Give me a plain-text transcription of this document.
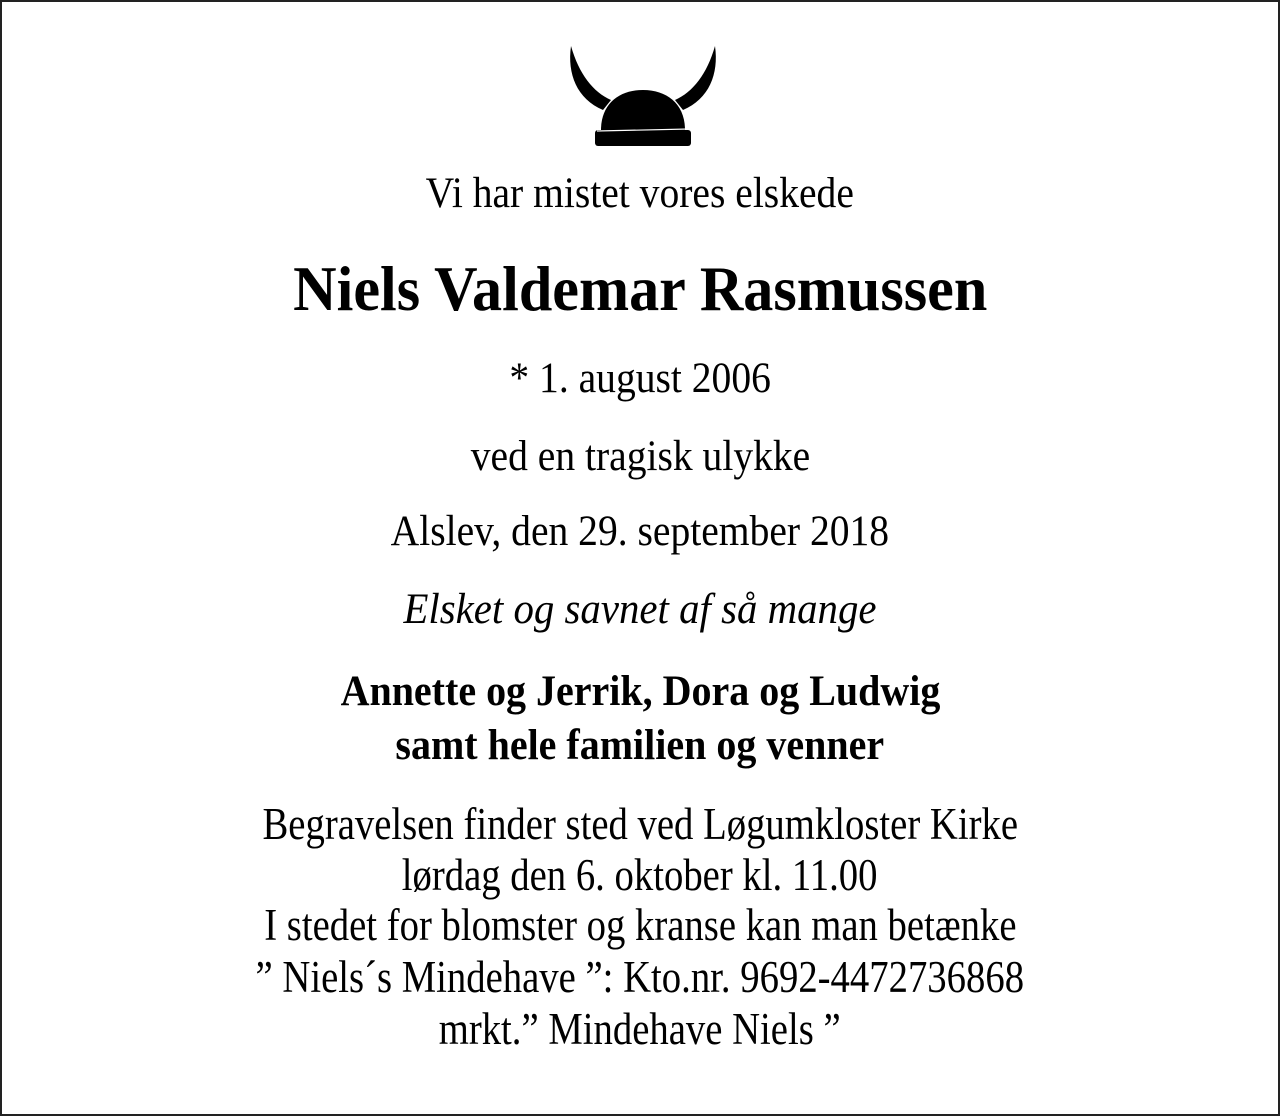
Vi har mistet vores elskede
Niels Valdemar Rasmussen
* 1. august 2006
ved en tragisk ulykke
Alslev, den 29. september 2018
Elsket og savnet af så mange
Annette og Jerrik, Dora og Ludwig
samt hele familien og venner
Begravelsen finder sted ved Løgumkloster Kirke
lørdag den 6. oktober kl. 11.00
I stedet for blomster og kranse kan man betænke
” Niels´s Mindehave ”: Kto.nr. 9692-4472736868
mrkt.” Mindehave Niels ”
